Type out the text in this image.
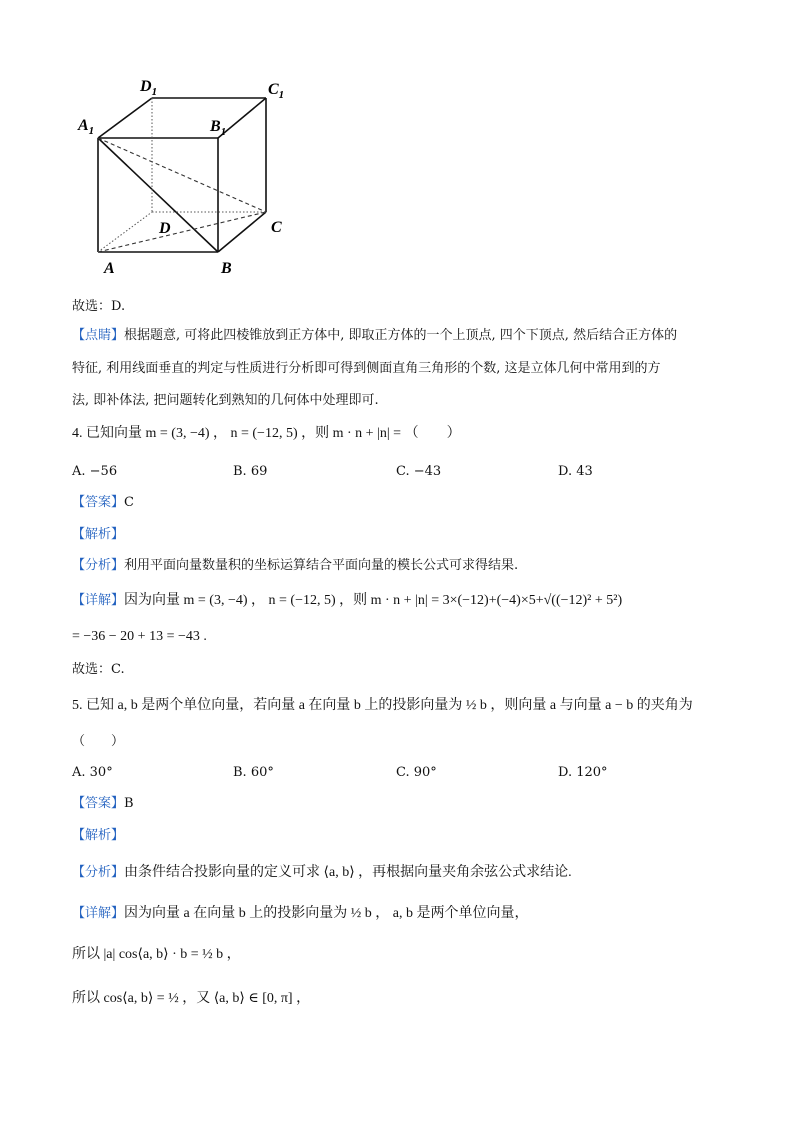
$D_1$	$C_1$
$A_1$	$B_1$
D	C
A	B
故选：D.
【点睛】根据题意, 可将此四棱锥放到正方体中, 即取正方体的一个上顶点, 四个下顶点, 然后结合正方体的
特征, 利用线面垂直的判定与性质进行分析即可得到侧面直角三角形的个数, 这是立体几何中常用到的方
法, 即补体法, 把问题转化到熟知的几何体中处理即可.
4. 已知向量 m = (3, −4) ， n = (−12, 5) ，则 m · n + |n| = （　　）
A. −56	B. 69	C. −43	D. 43
【答案】C
【解析】
【分析】利用平面向量数量积的坐标运算结合平面向量的模长公式可求得结果.
【详解】因为向量 m = (3, −4) ， n = (−12, 5) ，则 m · n + |n| = 3×(−12)+(−4)×5+√((−12)² + 5²)
= −36 − 20 + 13 = −43 .
故选：C.
5. 已知 a, b 是两个单位向量，若向量 a 在向量 b 上的投影向量为 ½ b ，则向量 a 与向量 a − b 的夹角为
（　　）
A. 30°	B. 60°	C. 90°	D. 120°
【答案】B
【解析】
【分析】由条件结合投影向量的定义可求 ⟨a, b⟩ ，再根据向量夹角余弦公式求结论.
【详解】因为向量 a 在向量 b 上的投影向量为 ½ b ， a, b 是两个单位向量，
所以 |a| cos⟨a, b⟩ · b = ½ b ，
所以 cos⟨a, b⟩ = ½ ，又 ⟨a, b⟩ ∈ [0, π] ，
